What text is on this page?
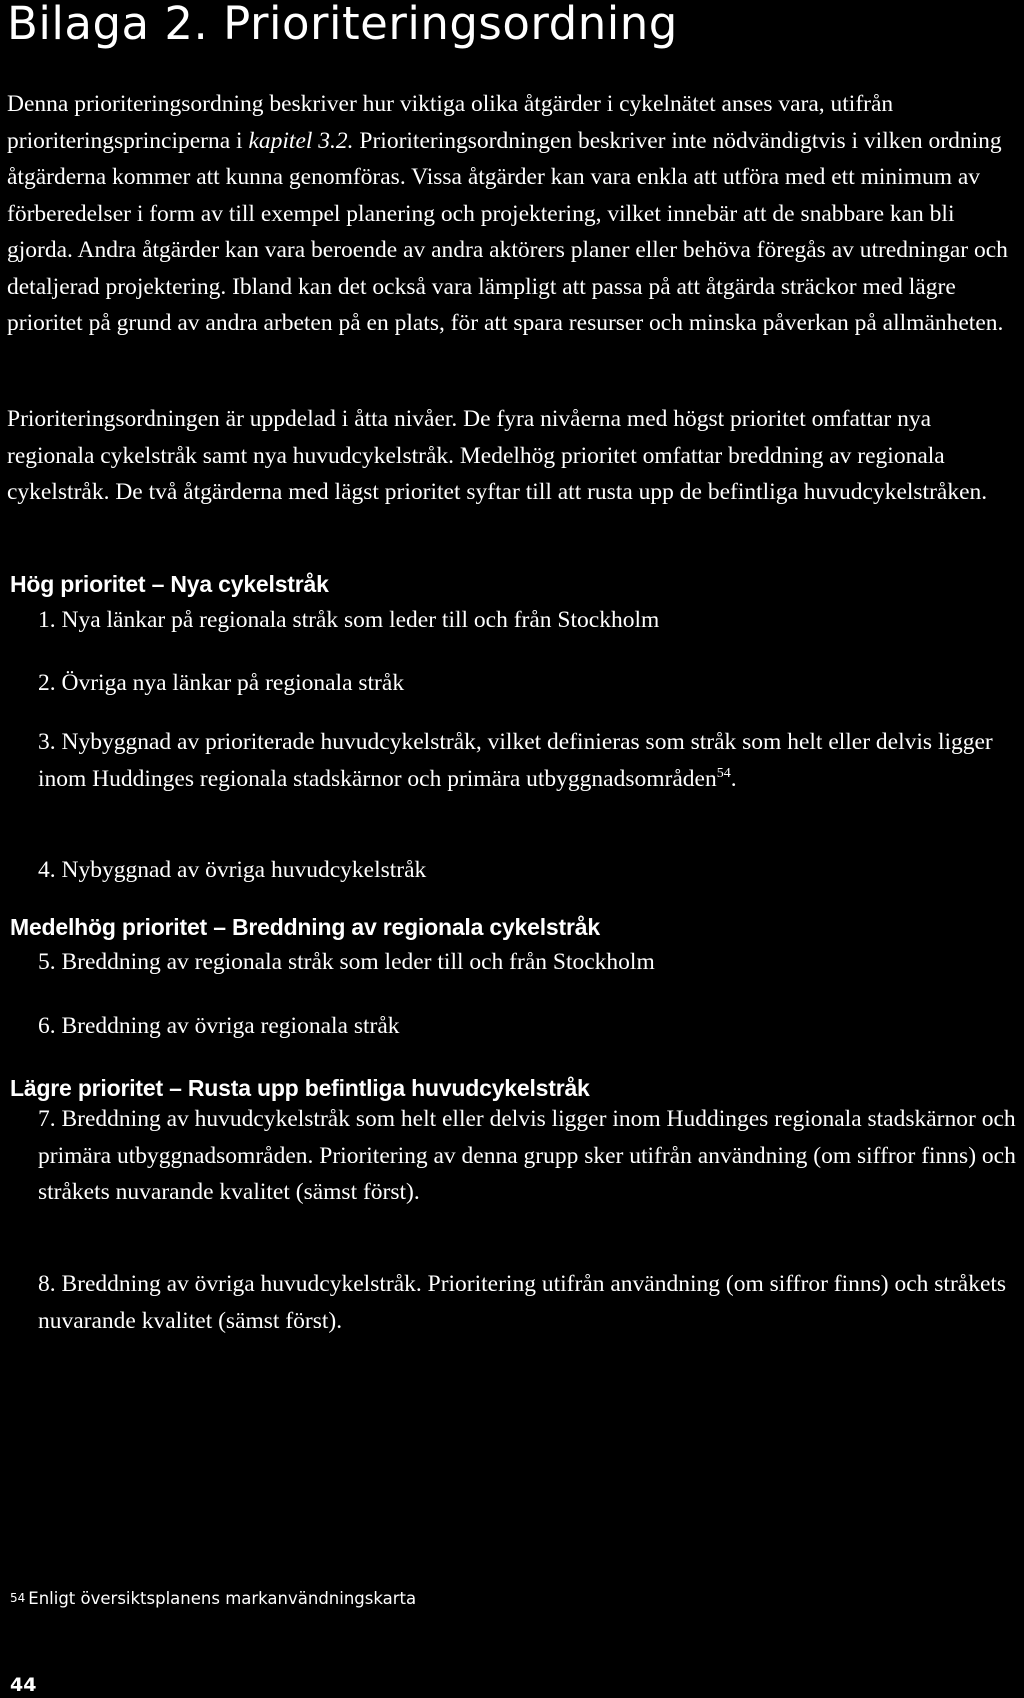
Bilaga 2. Prioriteringsordning

Denna prioriteringsordning beskriver hur viktiga olika åtgärder i cykelnätet anses vara, utifrån prioriteringsprinciperna i kapitel 3.2. Prioriteringsordningen beskriver inte nödvändigtvis i vilken ordning åtgärderna kommer att kunna genomföras. Vissa åtgärder kan vara enkla att utföra med ett minimum av förberedelser i form av till exempel planering och projektering, vilket innebär att de snabbare kan bli gjorda. Andra åtgärder kan vara beroende av andra aktörers planer eller behöva föregås av utredningar och detaljerad projektering. Ibland kan det också vara lämpligt att passa på att åtgärda sträckor med lägre prioritet på grund av andra arbeten på en plats, för att spara resurser och minska påverkan på allmänheten.

Prioriteringsordningen är uppdelad i åtta nivåer. De fyra nivåerna med högst prioritet omfattar nya regionala cykelstråk samt nya huvudcykelstråk. Medelhög prioritet omfattar breddning av regionala cykelstråk. De två åtgärderna med lägst prioritet syftar till att rusta upp de befintliga huvudcykelstråken.

Hög prioritet – Nya cykelstråk

1. Nya länkar på regionala stråk som leder till och från Stockholm

2. Övriga nya länkar på regionala stråk

3. Nybyggnad av prioriterade huvudcykelstråk, vilket definieras som stråk som helt eller delvis ligger inom Huddinges regionala stadskärnor och primära utbyggnadsområden$^{54}$.

4. Nybyggnad av övriga huvudcykelstråk

Medelhög prioritet – Breddning av regionala cykelstråk

5. Breddning av regionala stråk som leder till och från Stockholm

6. Breddning av övriga regionala stråk

Lägre prioritet – Rusta upp befintliga huvudcykelstråk

7. Breddning av huvudcykelstråk som helt eller delvis ligger inom Huddinges regionala stadskärnor och primära utbyggnadsområden. Prioritering av denna grupp sker utifrån användning (om siffror finns) och stråkets nuvarande kvalitet (sämst först).

8. Breddning av övriga huvudcykelstråk. Prioritering utifrån användning (om siffror finns) och stråkets nuvarande kvalitet (sämst först).

54 Enligt översiktsplanens markanvändningskarta

44
